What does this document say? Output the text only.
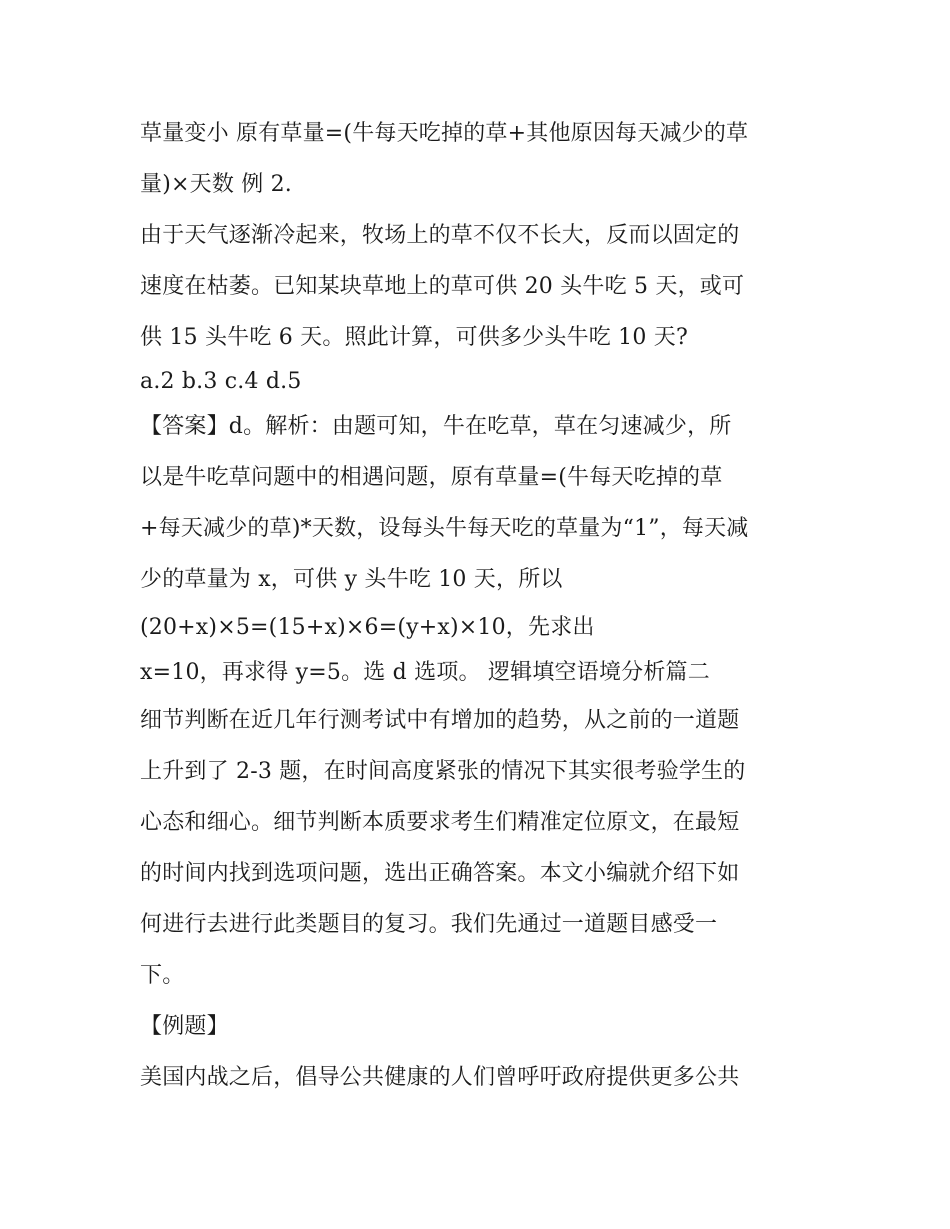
草量变小 原有草量=(牛每天吃掉的草+其他原因每天减少的草
量)×天数 例 2.
由于天气逐渐冷起来，牧场上的草不仅不长大，反而以固定的
速度在枯萎。已知某块草地上的草可供 20 头牛吃 5 天，或可
供 15 头牛吃 6 天。照此计算，可供多少头牛吃 10 天?
a.2 b.3 c.4 d.5
【答案】d。解析：由题可知，牛在吃草，草在匀速减少，所
以是牛吃草问题中的相遇问题，原有草量=(牛每天吃掉的草
+每天减少的草)*天数，设每头牛每天吃的草量为“1”，每天减
少的草量为 x，可供 y 头牛吃 10 天，所以
(20+x)×5=(15+x)×6=(y+x)×10，先求出
x=10，再求得 y=5。选 d 选项。 逻辑填空语境分析篇二
细节判断在近几年行测考试中有增加的趋势，从之前的一道题
上升到了 2-3 题，在时间高度紧张的情况下其实很考验学生的
心态和细心。细节判断本质要求考生们精准定位原文，在最短
的时间内找到选项问题，选出正确答案。本文小编就介绍下如
何进行去进行此类题目的复习。我们先通过一道题目感受一
下。
【例题】
美国内战之后，倡导公共健康的人们曾呼吁政府提供更多公共
